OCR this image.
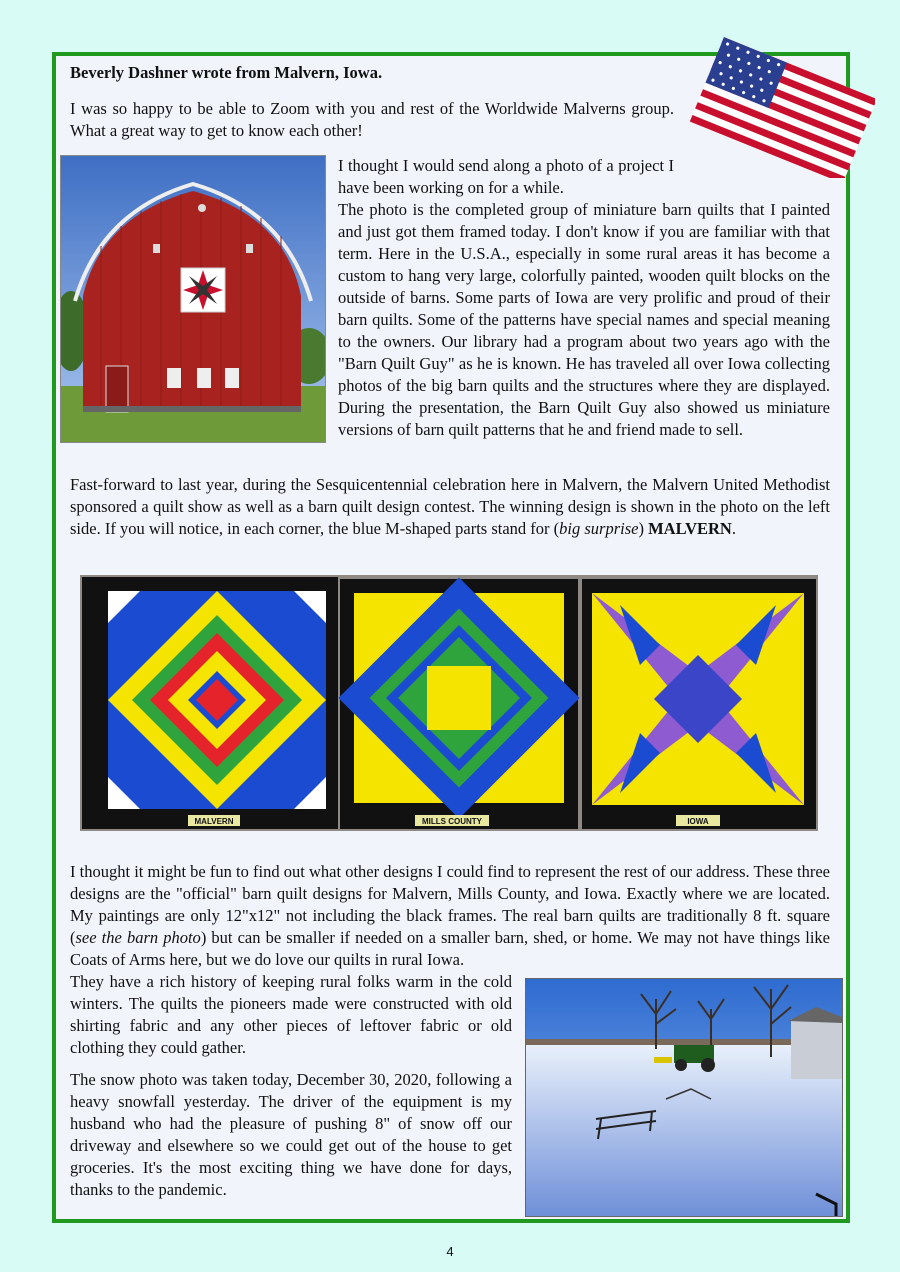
Beverly Dashner wrote from Malvern, Iowa.

I was so happy to be able to Zoom with you and rest of the Worldwide Malverns group. What a great way to get to know each other!

I thought I would send along a photo of a project I have been working on for a while.

The photo is the completed group of miniature barn quilts that I painted and just got them framed today. I don't know if you are familiar with that term. Here in the U.S.A., especially in some rural areas it has become a custom to hang very large, colorfully painted, wooden quilt blocks on the outside of barns. Some parts of Iowa are very prolific and proud of their barn quilts. Some of the patterns have special names and special meaning to the owners. Our library had a program about two years ago with the "Barn Quilt Guy" as he is known. He has traveled all over Iowa collecting photos of the big barn quilts and the structures where they are displayed. During the presentation, the Barn Quilt Guy also showed us miniature versions of barn quilt patterns that he and friend made to sell.

Fast-forward to last year, during the Sesquicentennial celebration here in Malvern, the Malvern United Methodist sponsored a quilt show as well as a barn quilt design contest. The winning design is shown in the photo on the left side. If you will notice, in each corner, the blue M-shaped parts stand for (big surprise) MALVERN.

MALVERN	MILLS COUNTY	IOWA

I thought it might be fun to find out what other designs I could find to represent the rest of our address. These three designs are the "official" barn quilt designs for Malvern, Mills County, and Iowa. Exactly where we are located. My paintings are only 12"x12" not including the black frames. The real barn quilts are traditionally 8 ft. square (see the barn photo) but can be smaller if needed on a smaller barn, shed, or home. We may not have things like Coats of Arms here, but we do love our quilts in rural Iowa.

They have a rich history of keeping rural folks warm in the cold winters. The quilts the pioneers made were constructed with old shirting fabric and any other pieces of leftover fabric or old clothing they could gather.

The snow photo was taken today, December 30, 2020, following a heavy snowfall yesterday. The driver of the equipment is my husband who had the pleasure of pushing 8" of snow off our driveway and elsewhere so we could get out of the house to get groceries. It's the most exciting thing we have done for days, thanks to the pandemic.

4
